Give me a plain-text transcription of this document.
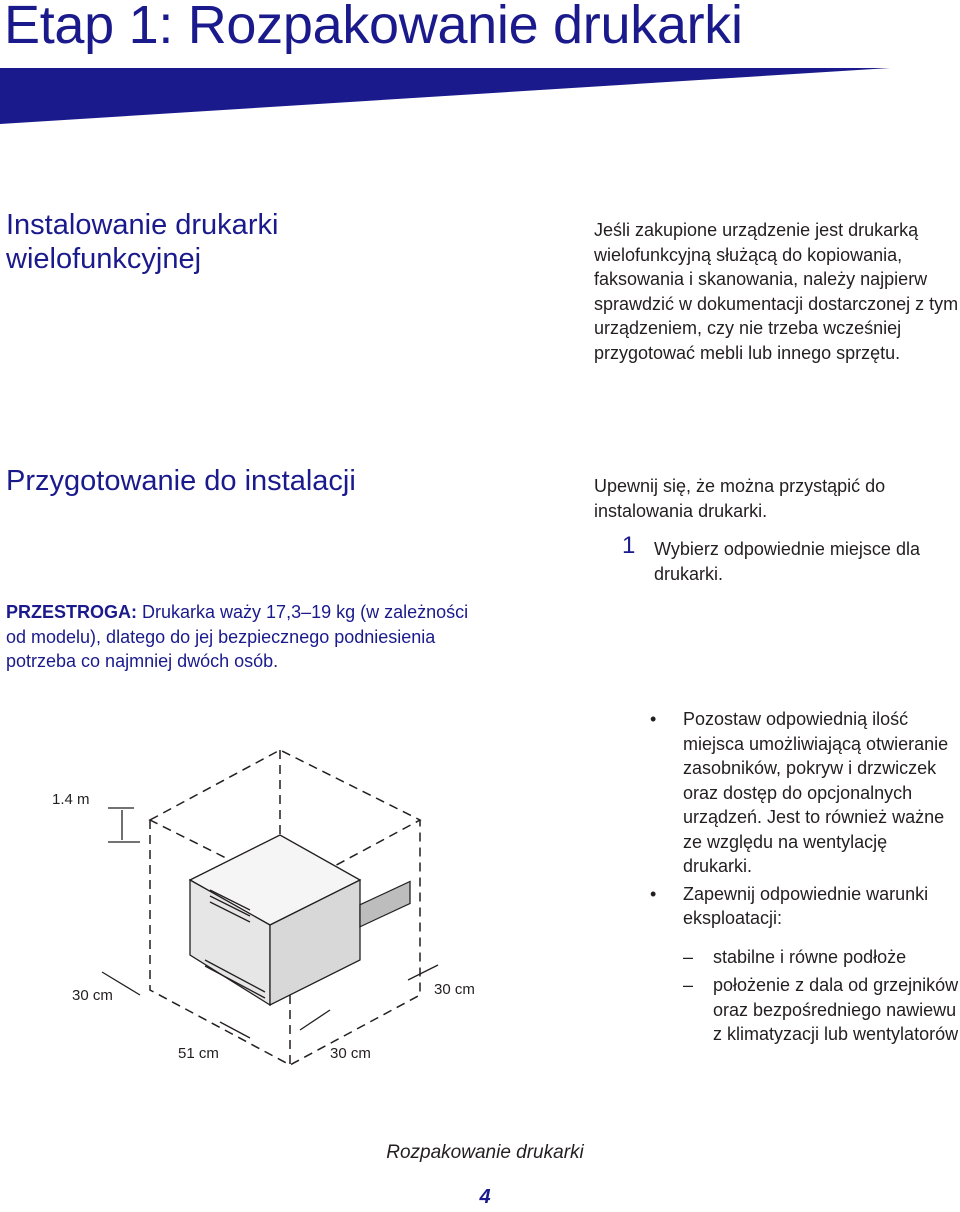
Etap 1: Rozpakowanie drukarki
Instalowanie drukarki
wielofunkcyjnej

Jeśli zakupione urządzenie jest drukarką wielofunkcyjną służącą do kopiowania, faksowania i skanowania, należy najpierw sprawdzić w dokumentacji dostarczonej z tym urządzeniem, czy nie trzeba wcześniej przygotować mebli lub innego sprzętu.

Przygotowanie do instalacji	Upewnij się, że można przystąpić do instalowania drukarki.

1 Wybierz odpowiednie miejsce dla drukarki.

PRZESTROGA: Drukarka waży 17,3–19 kg (w zależności od modelu), dlatego do jej bezpiecznego podniesienia potrzeba co najmniej dwóch osób.

1.4 m
30 cm
51 cm	30 cm
30 cm
• Pozostaw odpowiednią ilość miejsca umożliwiającą otwieranie zasobników, pokryw i drzwiczek oraz dostęp do opcjonalnych urządzeń. Jest to również ważne ze względu na wentylację drukarki.
• Zapewnij odpowiednie warunki eksploatacji:
– stabilne i równe podłoże
– położenie z dala od grzejników oraz bezpośredniego nawiewu z klimatyzacji lub wentylatorów
Rozpakowanie drukarki
4
